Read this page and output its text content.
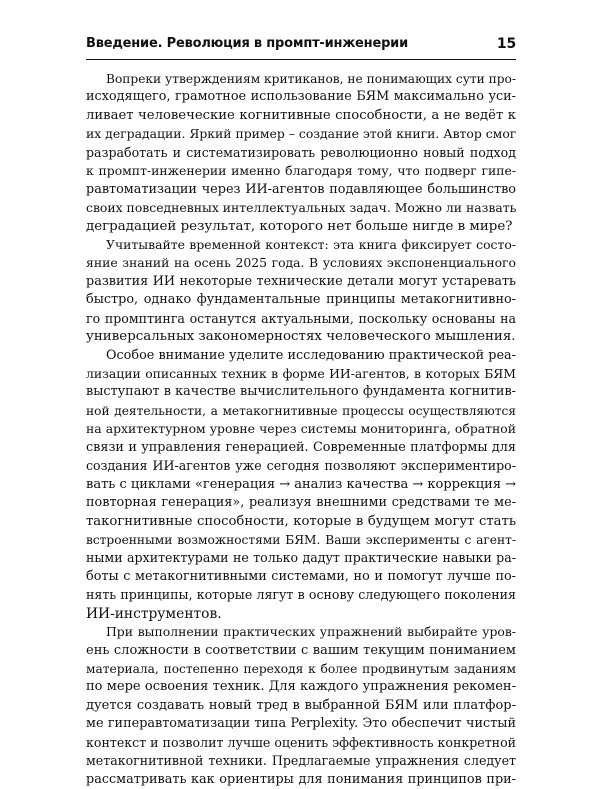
Введение. Революция в промпт-инженерии	15
Вопреки утверждениям критиканов, не понимающих сути про-
исходящего, грамотное использование БЯМ максимально уси-
ливает человеческие когнитивные способности, а не ведёт к
их деградации. Яркий пример – создание этой книги. Автор смог
разработать и систематизировать революционно новый подход
к промпт-инженерии именно благодаря тому, что подверг гипе-
равтоматизации через ИИ-агентов подавляющее большинство
своих повседневных интеллектуальных задач. Можно ли назвать
деградацией результат, которого нет больше нигде в мире?
Учитывайте временной контекст: эта книга фиксирует состо-
яние знаний на осень 2025 года. В условиях экспоненциального
развития ИИ некоторые технические детали могут устаревать
быстро, однако фундаментальные принципы метакогнитивно-
го промптинга останутся актуальными, поскольку основаны на
универсальных закономерностях человеческого мышления.
Особое внимание уделите исследованию практической реа-
лизации описанных техник в форме ИИ-агентов, в которых БЯМ
выступают в качестве вычислительного фундамента когнитив-
ной деятельности, а метакогнитивные процессы осуществляются
на архитектурном уровне через системы мониторинга, обратной
связи и управления генерацией. Современные платформы для
создания ИИ-агентов уже сегодня позволяют экспериментиро-
вать с циклами «генерация → анализ качества → коррекция →
повторная генерация», реализуя внешними средствами те ме-
такогнитивные способности, которые в будущем могут стать
встроенными возможностями БЯМ. Ваши эксперименты с агент-
ными архитектурами не только дадут практические навыки ра-
боты с метакогнитивными системами, но и помогут лучше по-
нять принципы, которые лягут в основу следующего поколения
ИИ-инструментов.
При выполнении практических упражнений выбирайте уров-
ень сложности в соответствии с вашим текущим пониманием
материала, постепенно переходя к более продвинутым заданиям
по мере освоения техник. Для каждого упражнения рекомен-
дуется создавать новый тред в выбранной БЯМ или платфор-
ме гиперавтоматизации типа Perplexity. Это обеспечит чистый
контекст и позволит лучше оценить эффективность конкретной
метакогнитивной техники. Предлагаемые упражнения следует
рассматривать как ориентиры для понимания принципов при-
